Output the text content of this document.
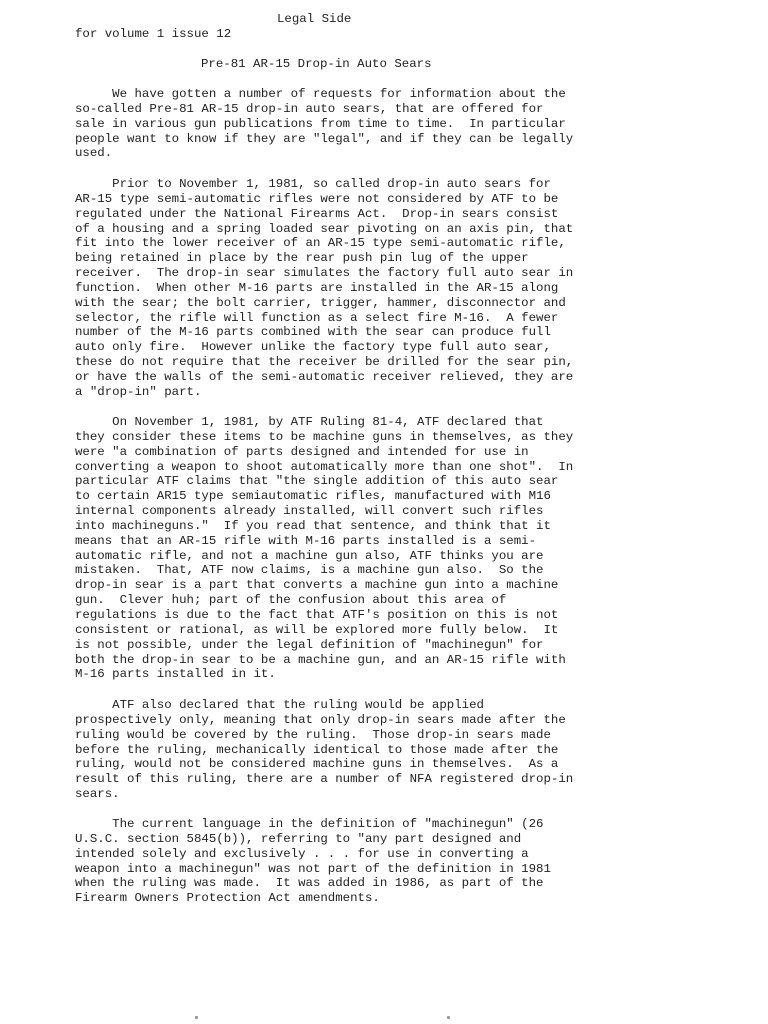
Legal Side
for volume 1 issue 12
Pre-81 AR-15 Drop-in Auto Sears

We have gotten a number of requests for information about the
so-called Pre-81 AR-15 drop-in auto sears, that are offered for
sale in various gun publications from time to time.  In particular
people want to know if they are "legal", and if they can be legally
used.

Prior to November 1, 1981, so called drop-in auto sears for
AR-15 type semi-automatic rifles were not considered by ATF to be
regulated under the National Firearms Act.  Drop-in sears consist
of a housing and a spring loaded sear pivoting on an axis pin, that
fit into the lower receiver of an AR-15 type semi-automatic rifle,
being retained in place by the rear push pin lug of the upper
receiver.  The drop-in sear simulates the factory full auto sear in
function.  When other M-16 parts are installed in the AR-15 along
with the sear; the bolt carrier, trigger, hammer, disconnector and
selector, the rifle will function as a select fire M-16.  A fewer
number of the M-16 parts combined with the sear can produce full
auto only fire.  However unlike the factory type full auto sear,
these do not require that the receiver be drilled for the sear pin,
or have the walls of the semi-automatic receiver relieved, they are
a "drop-in" part.

On November 1, 1981, by ATF Ruling 81-4, ATF declared that
they consider these items to be machine guns in themselves, as they
were "a combination of parts designed and intended for use in
converting a weapon to shoot automatically more than one shot".  In
particular ATF claims that "the single addition of this auto sear
to certain AR15 type semiautomatic rifles, manufactured with M16
internal components already installed, will convert such rifles
into machineguns."  If you read that sentence, and think that it
means that an AR-15 rifle with M-16 parts installed is a semi-
automatic rifle, and not a machine gun also, ATF thinks you are
mistaken.  That, ATF now claims, is a machine gun also.  So the
drop-in sear is a part that converts a machine gun into a machine
gun.  Clever huh; part of the confusion about this area of
regulations is due to the fact that ATF's position on this is not
consistent or rational, as will be explored more fully below.  It
is not possible, under the legal definition of "machinegun" for
both the drop-in sear to be a machine gun, and an AR-15 rifle with
M-16 parts installed in it.

ATF also declared that the ruling would be applied
prospectively only, meaning that only drop-in sears made after the
ruling would be covered by the ruling.  Those drop-in sears made
before the ruling, mechanically identical to those made after the
ruling, would not be considered machine guns in themselves.  As a
result of this ruling, there are a number of NFA registered drop-in
sears.

The current language in the definition of "machinegun" (26
U.S.C. section 5845(b)), referring to "any part designed and
intended solely and exclusively . . . for use in converting a
weapon into a machinegun" was not part of the definition in 1981
when the ruling was made.  It was added in 1986, as part of the
Firearm Owners Protection Act amendments.
